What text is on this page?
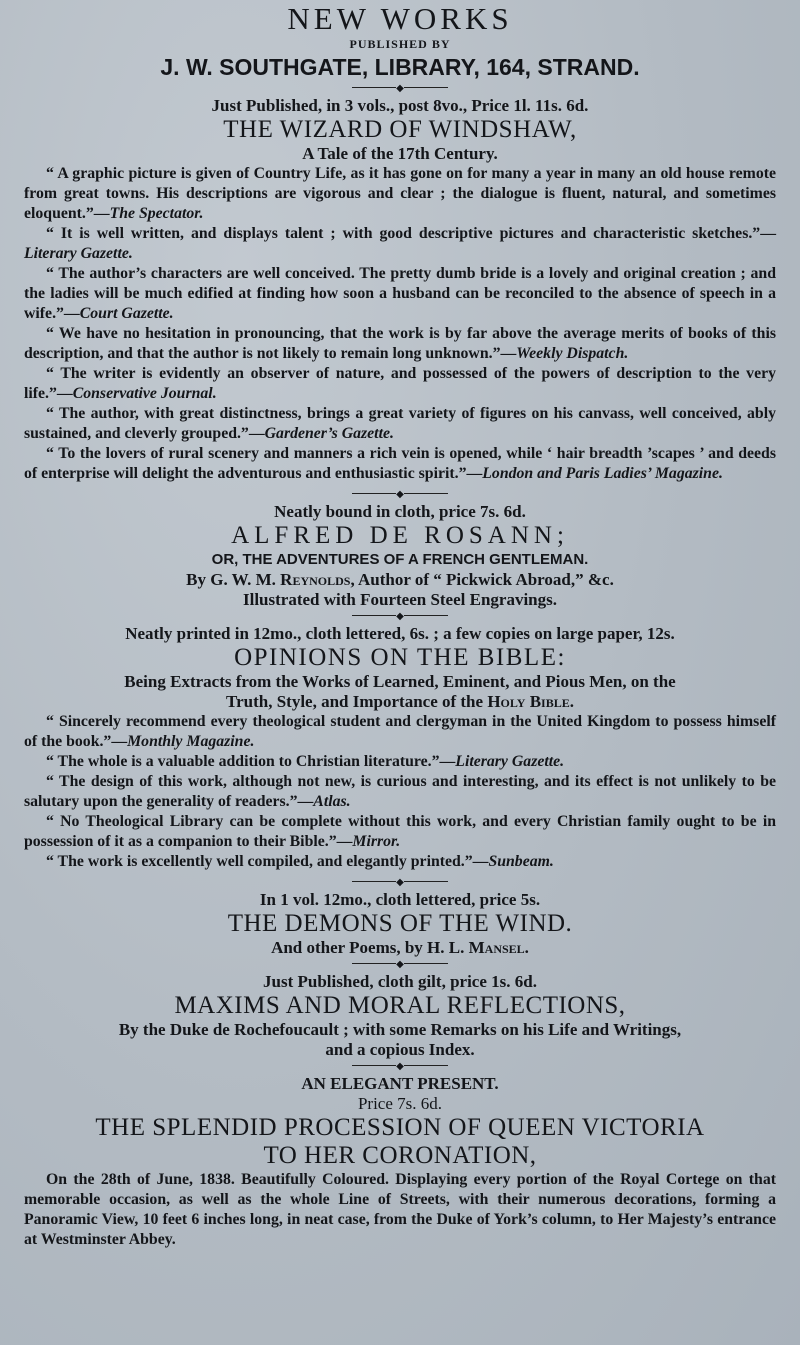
NEW WORKS
PUBLISHED BY
J. W. SOUTHGATE, LIBRARY, 164, STRAND.
◆
Just Published, in 3 vols., post 8vo., Price 1l. 11s. 6d.
THE WIZARD OF WINDSHAW,
A Tale of the 17th Century.

“ A graphic picture is given of Country Life, as it has gone on for many a year in many an old house remote from great towns. His descriptions are vigorous and clear ; the dialogue is fluent, natural, and sometimes eloquent.”—The Spectator.

“ It is well written, and displays talent ; with good descriptive pictures and characteristic sketches.”—Literary Gazette.

“ The author’s characters are well conceived. The pretty dumb bride is a lovely and original creation ; and the ladies will be much edified at finding how soon a husband can be reconciled to the absence of speech in a wife.”—Court Gazette.

“ We have no hesitation in pronouncing, that the work is by far above the average merits of books of this description, and that the author is not likely to remain long unknown.”—Weekly Dispatch.

“ The writer is evidently an observer of nature, and possessed of the powers of description to the very life.”—Conservative Journal.

“ The author, with great distinctness, brings a great variety of figures on his canvass, well conceived, ably sustained, and cleverly grouped.”—Gardener’s Gazette.

“ To the lovers of rural scenery and manners a rich vein is opened, while ‘ hair breadth ’scapes ’ and deeds of enterprise will delight the adventurous and enthusiastic spirit.”—London and Paris Ladies’ Magazine.

◆
Neatly bound in cloth, price 7s. 6d.
ALFRED DE ROSANN;
OR, THE ADVENTURES OF A FRENCH GENTLEMAN.
By G. W. M. Reynolds, Author of “ Pickwick Abroad,” &c.
Illustrated with Fourteen Steel Engravings.
◆
Neatly printed in 12mo., cloth lettered, 6s. ; a few copies on large paper, 12s.
OPINIONS ON THE BIBLE:
Being Extracts from the Works of Learned, Eminent, and Pious Men, on the
Truth, Style, and Importance of the Holy Bible.

“ Sincerely recommend every theological student and clergyman in the United Kingdom to possess himself of the book.”—Monthly Magazine.

“ The whole is a valuable addition to Christian literature.”—Literary Gazette.

“ The design of this work, although not new, is curious and interesting, and its effect is not unlikely to be salutary upon the generality of readers.”—Atlas.

“ No Theological Library can be complete without this work, and every Christian family ought to be in possession of it as a companion to their Bible.”—Mirror.

“ The work is excellently well compiled, and elegantly printed.”—Sunbeam.

◆
In 1 vol. 12mo., cloth lettered, price 5s.
THE DEMONS OF THE WIND.
And other Poems, by H. L. Mansel.
◆
Just Published, cloth gilt, price 1s. 6d.
MAXIMS AND MORAL REFLECTIONS,
By the Duke de Rochefoucault ; with some Remarks on his Life and Writings,
and a copious Index.
◆
AN ELEGANT PRESENT.
Price 7s. 6d.
THE SPLENDID PROCESSION OF QUEEN VICTORIA
TO HER CORONATION,

On the 28th of June, 1838. Beautifully Coloured. Displaying every portion of the Royal Cortege on that memorable occasion, as well as the whole Line of Streets, with their numerous decorations, forming a Panoramic View, 10 feet 6 inches long, in neat case, from the Duke of York’s column, to Her Majesty’s entrance at Westminster Abbey.
